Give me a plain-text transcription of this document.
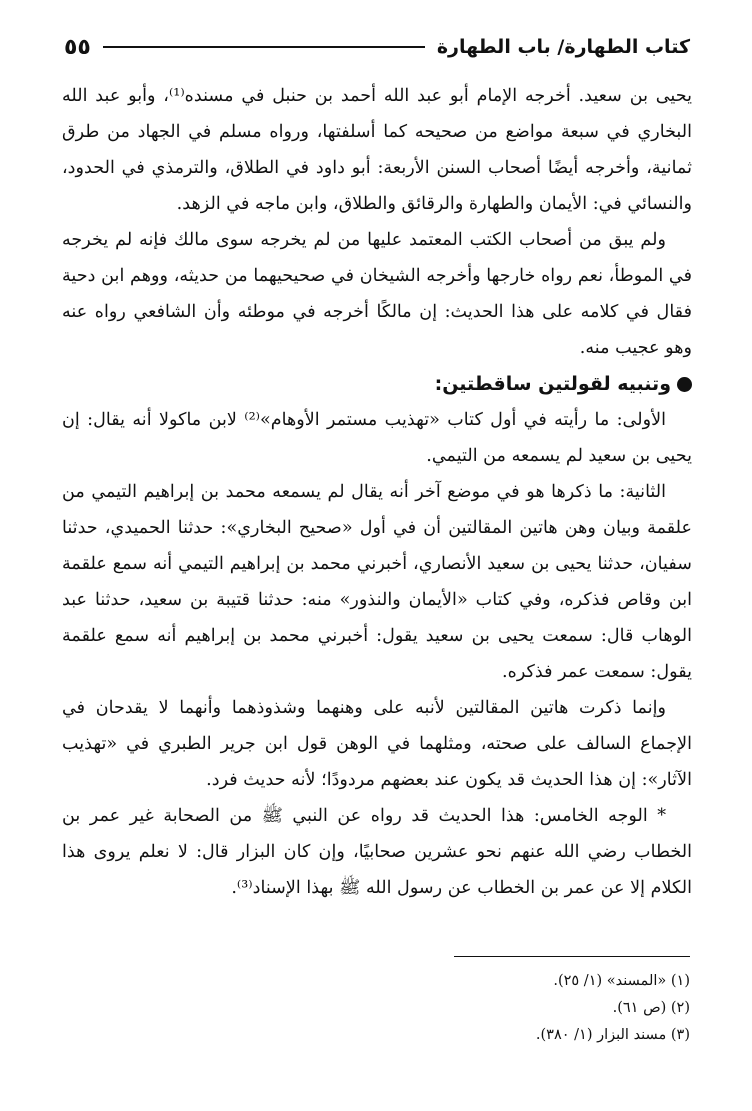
كتاب الطهارة/ باب الطهارة
٥٥

يحيى بن سعيد. أخرجه الإمام أبو عبد الله أحمد بن حنبل في مسنده⁽¹⁾، وأبو عبد الله البخاري في سبعة مواضع من صحيحه كما أسلفتها، ورواه مسلم في الجهاد من طرق ثمانية، وأخرجه أيضًا أصحاب السنن الأربعة: أبو داود في الطلاق، والترمذي في الحدود، والنسائي في: الأيمان والطهارة والرقائق والطلاق، وابن ماجه في الزهد.

ولم يبق من أصحاب الكتب المعتمد عليها من لم يخرجه سوى مالك فإنه لم يخرجه في الموطأ، نعم رواه خارجها وأخرجه الشيخان في صحيحيهما من حديثه، ووهم ابن دحية فقال في كلامه على هذا الحديث: إن مالكًا أخرجه في موطئه وأن الشافعي رواه عنه وهو عجيب منه.

وتنبيه لقولتين ساقطتين:

الأولى: ما رأيته في أول كتاب «تهذيب مستمر الأوهام»⁽²⁾ لابن ماكولا أنه يقال: إن يحيى بن سعيد لم يسمعه من التيمي.

الثانية: ما ذكرها هو في موضع آخر أنه يقال لم يسمعه محمد بن إبراهيم التيمي من علقمة وبيان وهن هاتين المقالتين أن في أول «صحيح البخاري»: حدثنا الحميدي، حدثنا سفيان، حدثنا يحيى بن سعيد الأنصاري، أخبرني محمد بن إبراهيم التيمي أنه سمع علقمة ابن وقاص فذكره، وفي كتاب «الأيمان والنذور» منه: حدثنا قتيبة بن سعيد، حدثنا عبد الوهاب قال: سمعت يحيى بن سعيد يقول: أخبرني محمد بن إبراهيم أنه سمع علقمة يقول: سمعت عمر فذكره.

وإنما ذكرت هاتين المقالتين لأنبه على وهنهما وشذوذهما وأنهما لا يقدحان في الإجماع السالف على صحته، ومثلهما في الوهن قول ابن جرير الطبري في «تهذيب الآثار»: إن هذا الحديث قد يكون عند بعضهم مردودًا؛ لأنه حديث فرد.

* الوجه الخامس: هذا الحديث قد رواه عن النبي ﷺ من الصحابة غير عمر بن الخطاب رضي الله عنهم نحو عشرين صحابيًا، وإن كان البزار قال: لا نعلم يروى هذا الكلام إلا عن عمر بن الخطاب عن رسول الله ﷺ بهذا الإسناد⁽³⁾.

(١) «المسند» (١/ ٢٥).
(٢) (ص ٦١).
(٣) مسند البزار (١/ ٣٨٠).
